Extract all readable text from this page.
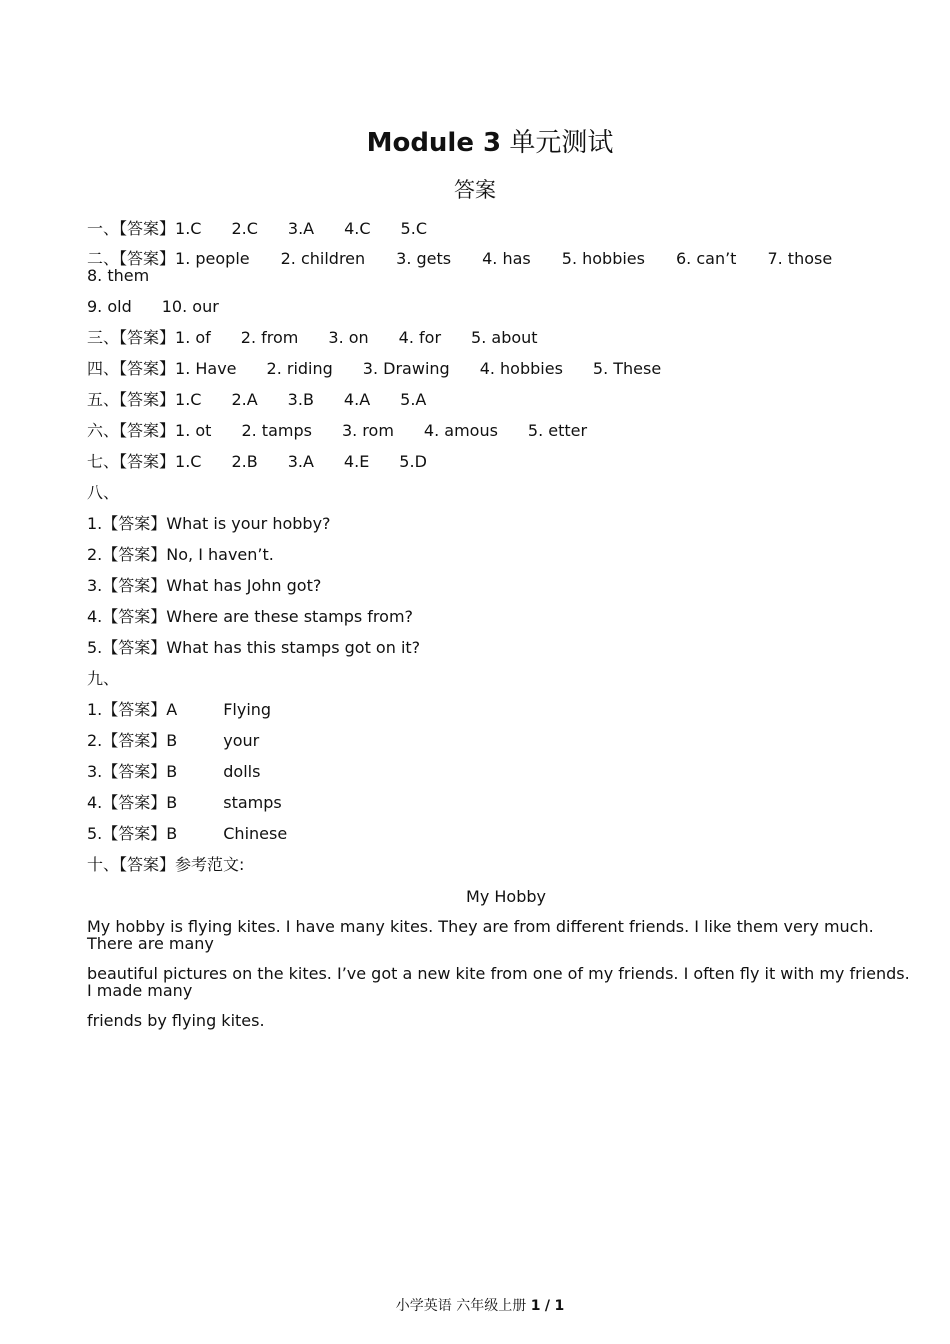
Module 3 单元测试
答案
一、【答案】1.C 2.C 3.A 4.C 5.C
二、【答案】1. people 2. children 3. gets 4. has 5. hobbies 6. can’t 7. those8. them
9. old 10. our
三、【答案】1. of 2. from 3. on 4. for 5. about
四、【答案】1. Have 2. riding 3. Drawing 4. hobbies 5. These
五、【答案】1.C 2.A 3.B 4.A 5.A
六、【答案】1. ot 2. tamps 3. rom 4. amous 5. etter
七、【答案】1.C 2.B 3.A 4.E 5.D
八、
1.【答案】What is your hobby?
2.【答案】No, I haven’t.
3.【答案】What has John got?
4.【答案】Where are these stamps from?
5.【答案】What has this stamps got on it?
九、
1.【答案】A	Flying
2.【答案】B	your
3.【答案】B	dolls
4.【答案】B	stamps
5.【答案】B	Chinese
十、【答案】参考范文:
My Hobby
My hobby is flying kites. I have many kites. They are from different friends. I like them very much. There are many
beautiful pictures on the kites. I’ve got a new kite from one of my friends. I often fly it with my friends. I made many
friends by flying kites.
小学英语 六年级上册 1 / 1
